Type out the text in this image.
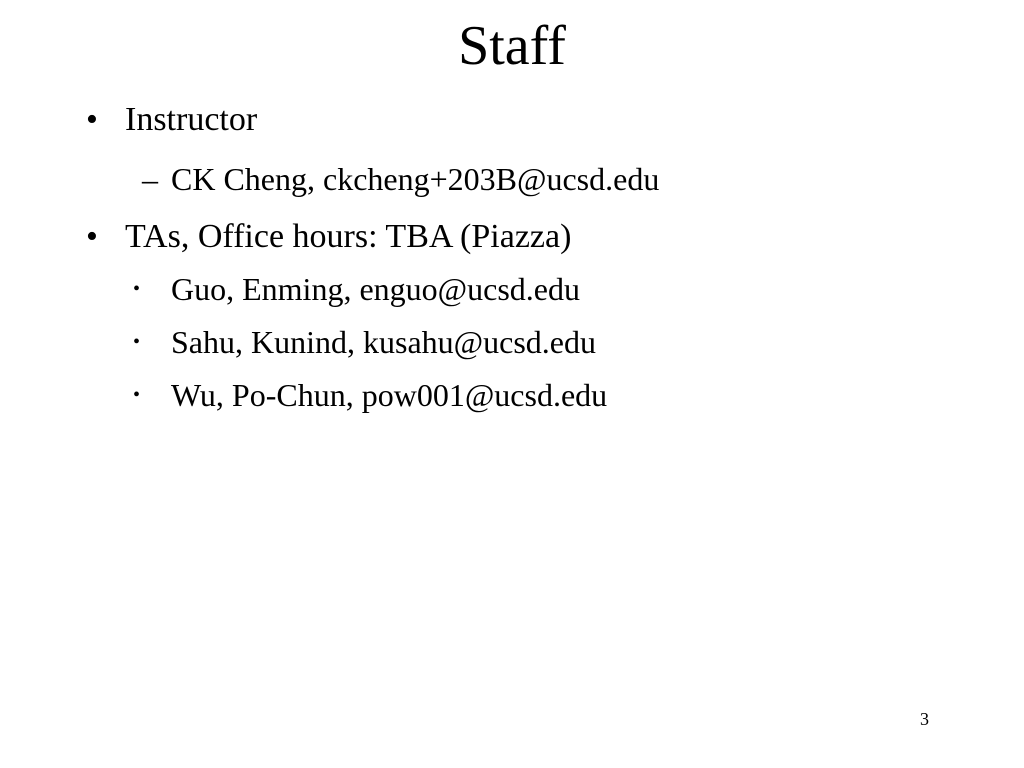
Staff
• Instructor
– CK Cheng, ckcheng+203B@ucsd.edu
• TAs, Office hours: TBA (Piazza)
• Guo, Enming, enguo@ucsd.edu
• Sahu, Kunind, kusahu@ucsd.edu
• Wu, Po-Chun, pow001@ucsd.edu
3
